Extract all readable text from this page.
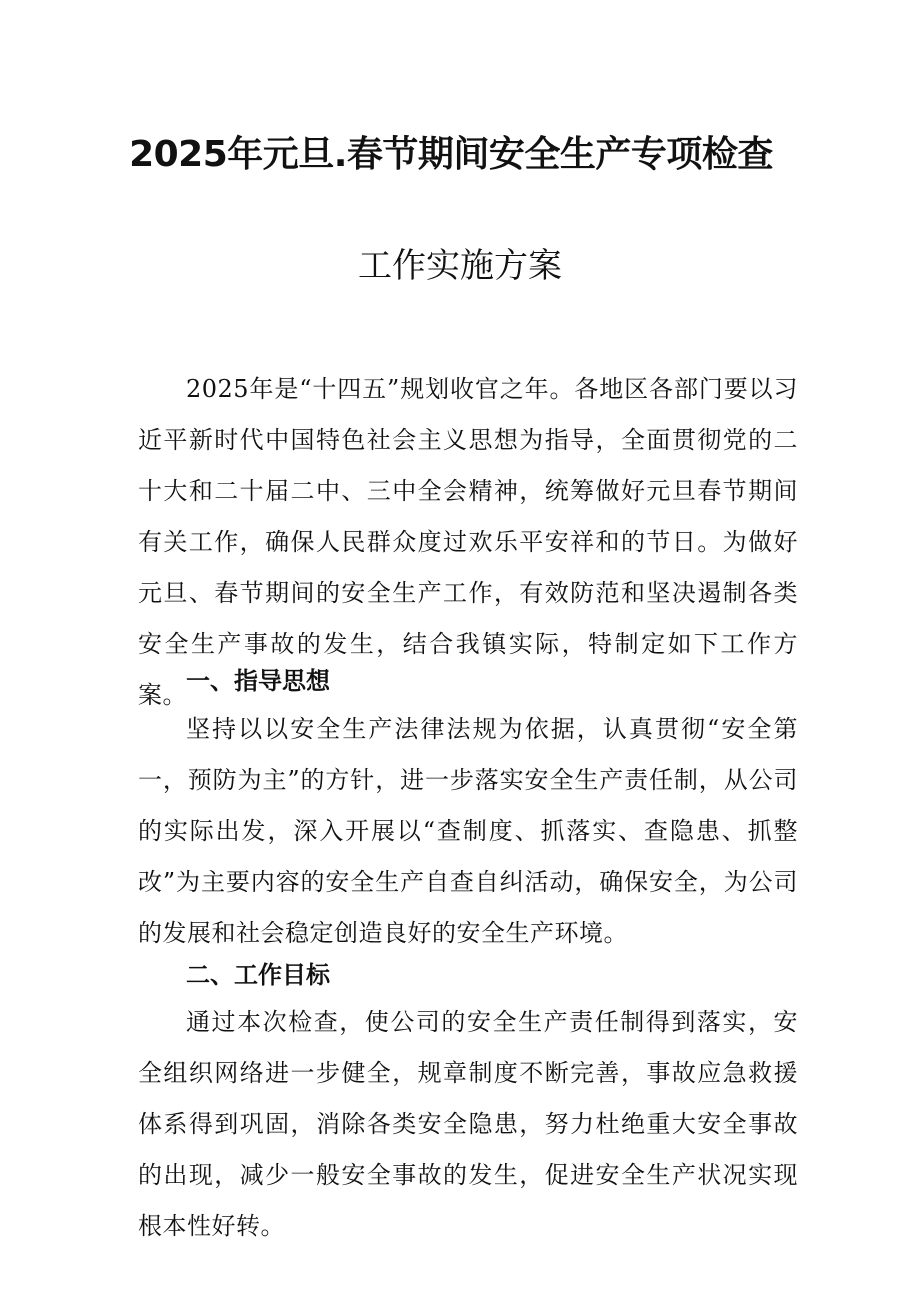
2025年元旦.春节期间安全生产专项检查
工作实施方案

2025年是“十四五”规划收官之年。各地区各部门要以习近平新时代中国特色社会主义思想为指导，全面贯彻党的二十大和二十届二中、三中全会精神，统筹做好元旦春节期间有关工作，确保人民群众度过欢乐平安祥和的节日。为做好元旦、春节期间的安全生产工作，有效防范和坚决遏制各类安全生产事故的发生，结合我镇实际，特制定如下工作方案。 一、指导思想

坚持以以安全生产法律法规为依据，认真贯彻“安全第一，预防为主”的方针，进一步落实安全生产责任制，从公司的实际出发，深入开展以“查制度、抓落实、查隐患、抓整改”为主要内容的安全生产自查自纠活动，确保安全，为公司的发展和社会稳定创造良好的安全生产环境。

二、工作目标

通过本次检查，使公司的安全生产责任制得到落实，安全组织网络进一步健全，规章制度不断完善，事故应急救援体系得到巩固，消除各类安全隐患，努力杜绝重大安全事故的出现，减少一般安全事故的发生，促进安全生产状况实现根本性好转。
